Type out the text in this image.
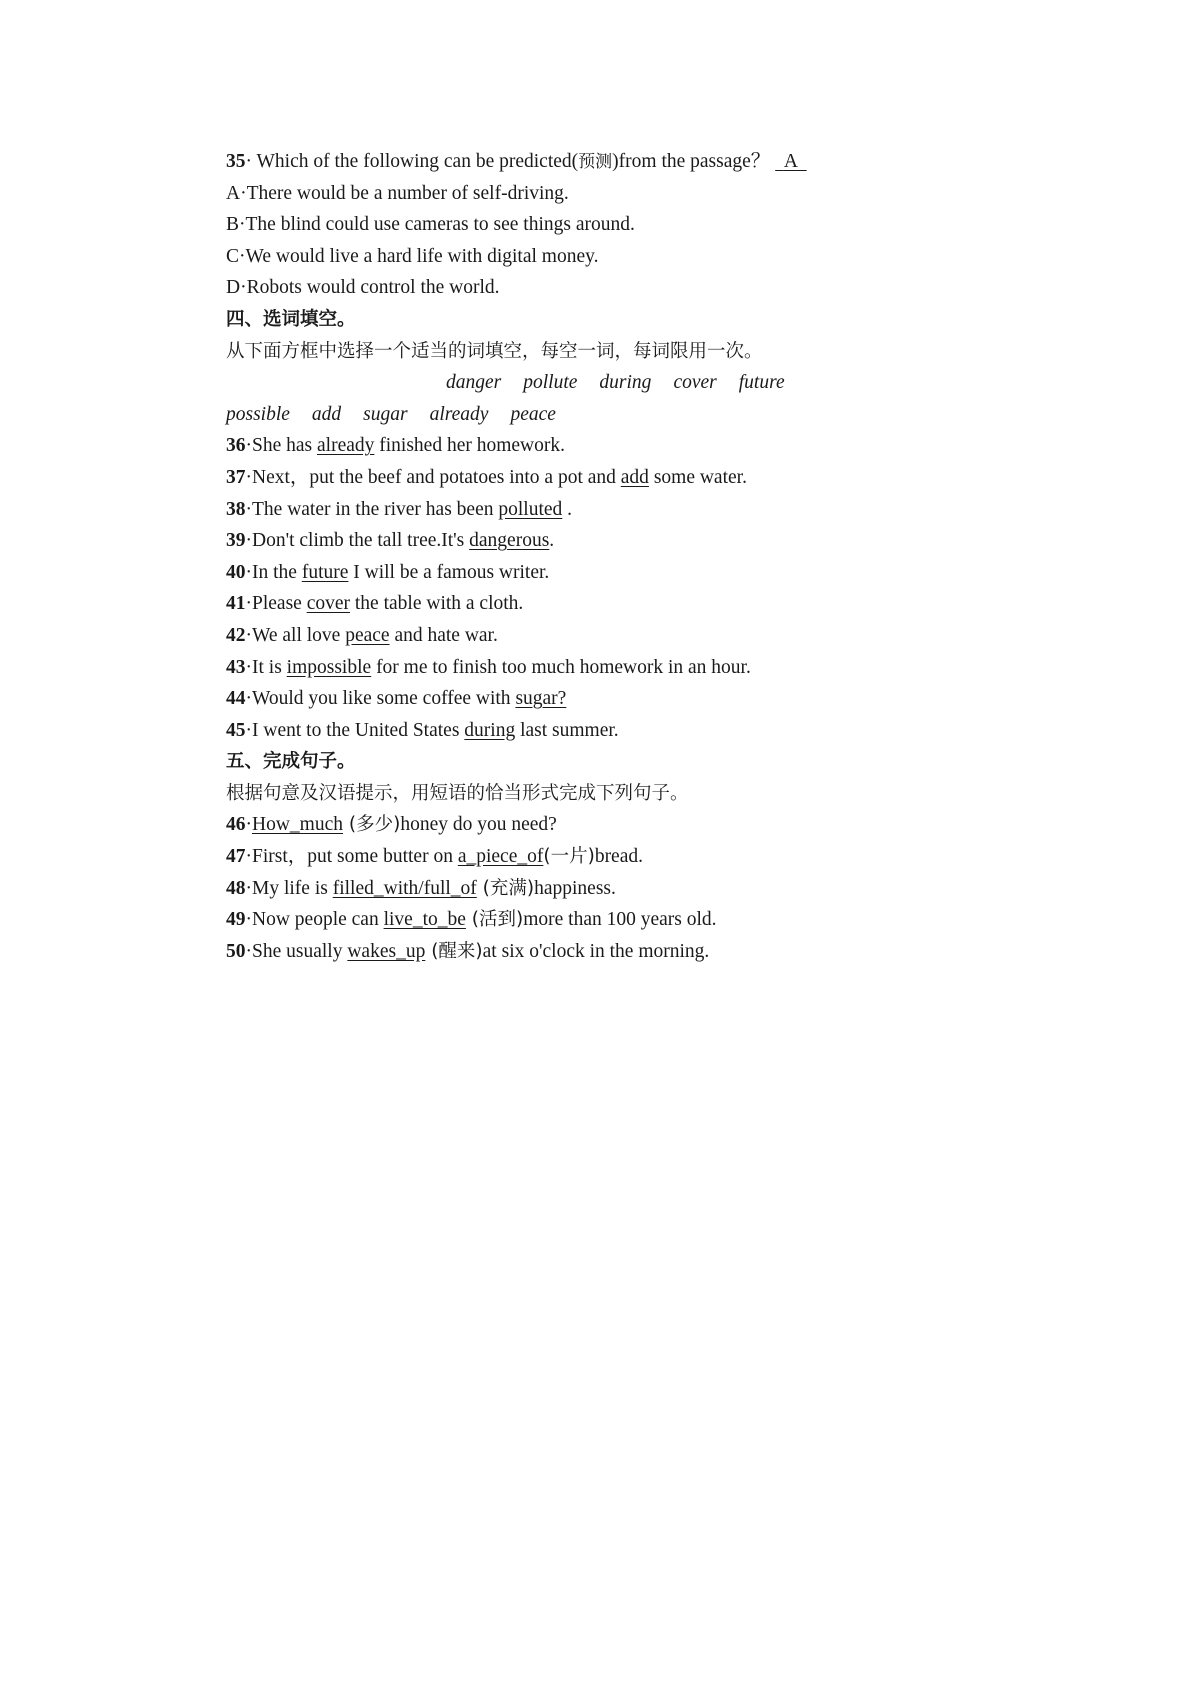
35· Which of the following can be predicted(预测)from the passage？ A
A·There would be a number of self-driving.
B·The blind could use cameras to see things around.
C·We would live a hard life with digital money.
D·Robots would control the world.
四、选词填空。
从下面方框中选择一个适当的词填空，每空一词，每词限用一次。
danger pollute during cover future
possible add sugar already peace
36·She has already finished her homework.
37·Next，put the beef and potatoes into a pot and add some water.
38·The water in the river has been polluted .
39·Don't climb the tall tree.It's dangerous.
40·In the future I will be a famous writer.
41·Please cover the table with a cloth.
42·We all love peace and hate war.
43·It is impossible for me to finish too much homework in an hour.
44·Would you like some coffee with sugar?
45·I went to the United States during last summer.
五、完成句子。
根据句意及汉语提示，用短语的恰当形式完成下列句子。
46·How_much (多少)honey do you need?
47·First，put some butter on a_piece_of(一片)bread.
48·My life is filled_with/full_of (充满)happiness.
49·Now people can live_to_be (活到)more than 100 years old.
50·She usually wakes_up (醒来)at six o'clock in the morning.
